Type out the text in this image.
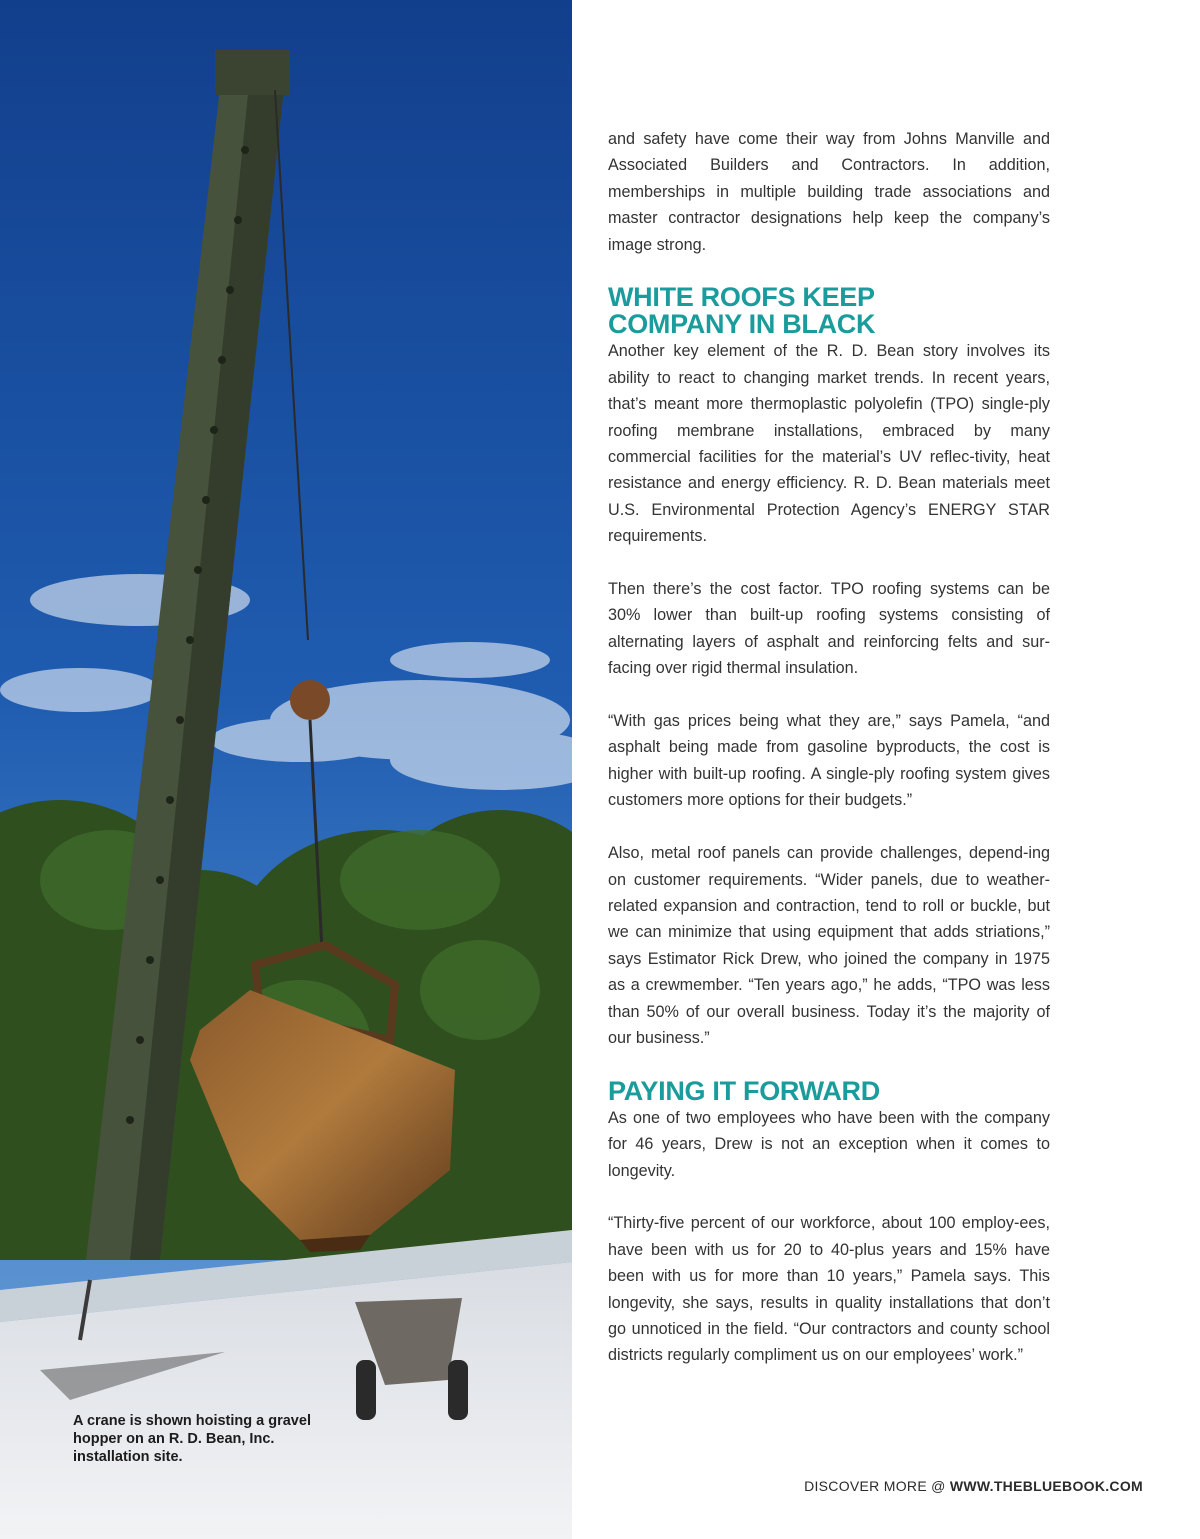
A crane is shown hoisting a gravel
hopper on an R. D. Bean, Inc.
installation site.

and safety have come their way from Johns Manville and Associated Builders and Contractors. In addition, memberships in multiple building trade associations and master contractor designations help keep the company’s image strong.

WHITE ROOFS KEEP
COMPANY IN BLACK

Another key element of the R. D. Bean story involves its ability to react to changing market trends. In recent years, that’s meant more thermoplastic polyolefin (TPO) single-ply roofing membrane installations, embraced by many commercial facilities for the material’s UV reflec-tivity, heat resistance and energy efficiency. R. D. Bean materials meet U.S. Environmental Protection Agency’s ENERGY STAR requirements.

Then there’s the cost factor. TPO roofing systems can be 30% lower than built-up roofing systems consisting of alternating layers of asphalt and reinforcing felts and sur-facing over rigid thermal insulation.

“With gas prices being what they are,” says Pamela, “and asphalt being made from gasoline byproducts, the cost is higher with built-up roofing. A single-ply roofing system gives customers more options for their budgets.”

Also, metal roof panels can provide challenges, depend-ing on customer requirements. “Wider panels, due to weather-related expansion and contraction, tend to roll or buckle, but we can minimize that using equipment that adds striations,” says Estimator Rick Drew, who joined the company in 1975 as a crewmember. “Ten years ago,” he adds, “TPO was less than 50% of our overall business. Today it’s the majority of our business.”

PAYING IT FORWARD

As one of two employees who have been with the company for 46 years, Drew is not an exception when it comes to longevity.

“Thirty-five percent of our workforce, about 100 employ-ees, have been with us for 20 to 40-plus years and 15% have been with us for more than 10 years,” Pamela says. This longevity, she says, results in quality installations that don’t go unnoticed in the field. “Our contractors and county school districts regularly compliment us on our employees’ work.”

DISCOVER MORE @ WWW.THEBLUEBOOK.COM
